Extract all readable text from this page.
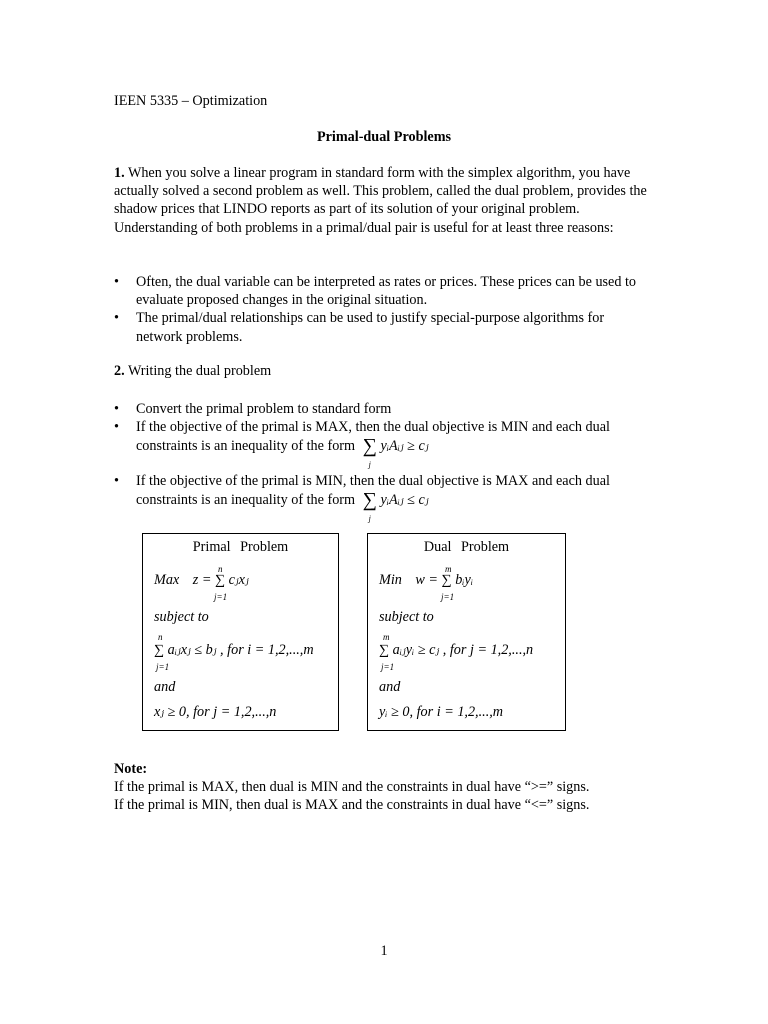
IEEN 5335 – Optimization
Primal-dual Problems
1. When you solve a linear program in standard form with the simplex algorithm, you have actually solved a second problem as well. This problem, called the dual problem, provides the shadow prices that LINDO reports as part of its solution of your original problem. Understanding of both problems in a primal/dual pair is useful for at least three reasons:
• Often, the dual variable can be interpreted as rates or prices. These prices can be used to evaluate proposed changes in the original situation.
• The primal/dual relationships can be used to justify special-purpose algorithms for network problems.
2. Writing the dual problem
• Convert the primal problem to standard form
• If the objective of the primal is MAX, then the dual objective is MIN and each dual constraints is an inequality of the form ∑
j
yᵢAᵢⱼ ≥ cⱼ
• If the objective of the primal is MIN, then the dual objective is MAX and each dual constraints is an inequality of the form ∑
j
yᵢAᵢⱼ ≤ cⱼ
Primal Problem
n
j=1
Max z = ∑ cⱼxⱼ
subject to
n
∑ aᵢⱼxⱼ ≤ bⱼ , for i = 1,2,...,m
j=1
and
xⱼ ≥ 0, for j = 1,2,...,n
Dual Problem
m
j=1
Min w = ∑ bᵢyᵢ
subject to
m
∑ aᵢⱼyᵢ ≥ cⱼ , for j = 1,2,...,n
j=1
and
yᵢ ≥ 0, for i = 1,2,...,m
Note:
If the primal is MAX, then dual is MIN and the constraints in dual have “>=” signs.
If the primal is MIN, then dual is MAX and the constraints in dual have “<=” signs.
1
